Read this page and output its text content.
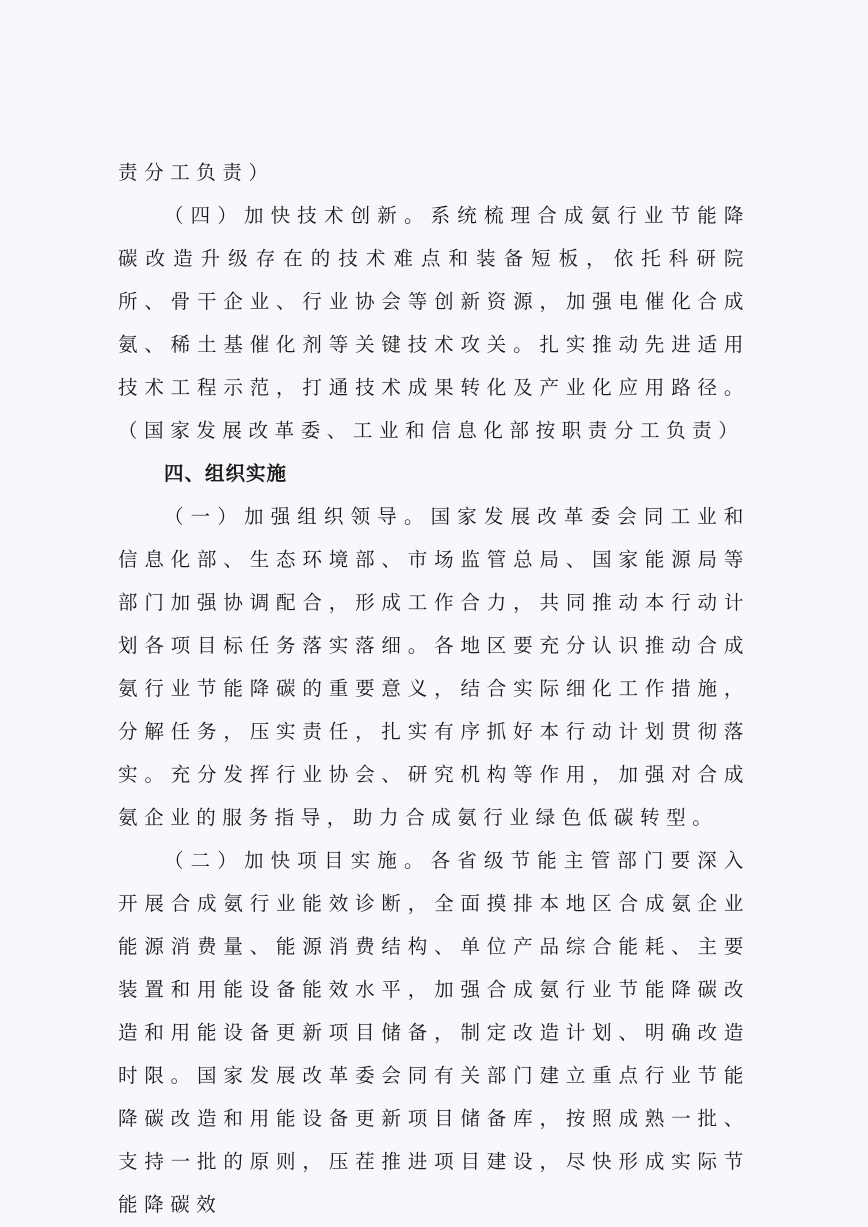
责分工负责）

（四）加快技术创新。系统梳理合成氨行业节能降碳改造升级存在的技术难点和装备短板，依托科研院所、骨干企业、行业协会等创新资源，加强电催化合成氨、稀土基催化剂等关键技术攻关。扎实推动先进适用技术工程示范，打通技术成果转化及产业化应用路径。（国家发展改革委、工业和信息化部按职责分工负责）

四、组织实施

（一）加强组织领导。国家发展改革委会同工业和信息化部、生态环境部、市场监管总局、国家能源局等部门加强协调配合，形成工作合力，共同推动本行动计划各项目标任务落实落细。各地区要充分认识推动合成氨行业节能降碳的重要意义，结合实际细化工作措施，分解任务，压实责任，扎实有序抓好本行动计划贯彻落实。充分发挥行业协会、研究机构等作用，加强对合成氨企业的服务指导，助力合成氨行业绿色低碳转型。

（二）加快项目实施。各省级节能主管部门要深入开展合成氨行业能效诊断，全面摸排本地区合成氨企业能源消费量、能源消费结构、单位产品综合能耗、主要装置和用能设备能效水平，加强合成氨行业节能降碳改造和用能设备更新项目储备，制定改造计划、明确改造时限。国家发展改革委会同有关部门建立重点行业节能降碳改造和用能设备更新项目储备库，按照成熟一批、支持一批的原则，压茬推进项目建设，尽快形成实际节能降碳效
